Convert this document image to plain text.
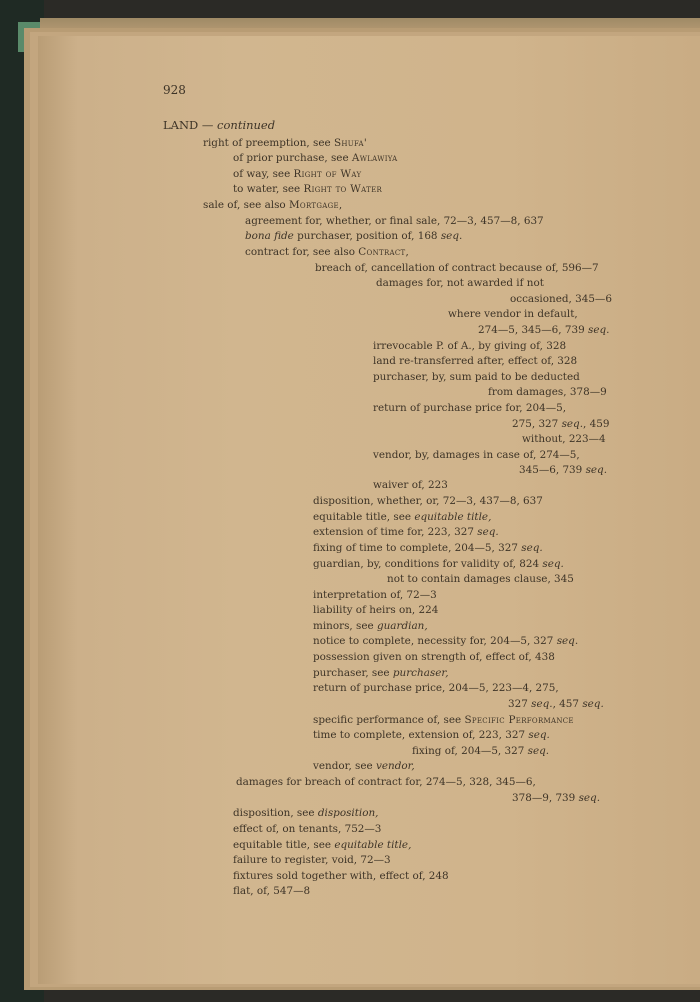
928
LAND — continued
right of preemption, see Shufa'
of prior purchase, see Awlawiya
of way, see Right of Way
to water, see Right to Water
sale of, see also Mortgage,
agreement for, whether, or final sale, 72—3, 457—8, 637
bona fide purchaser, position of, 168 seq.
contract for, see also Contract,
breach of, cancellation of contract because of, 596—7
damages for, not awarded if not
occasioned, 345—6
where vendor in default,
274—5, 345—6, 739 seq.
irrevocable P. of A., by giving of, 328
land re-transferred after, effect of, 328
purchaser, by, sum paid to be deducted
from damages, 378—9
return of purchase price for, 204—5,
275, 327 seq., 459
without, 223—4
vendor, by, damages in case of, 274—5,
345—6, 739 seq.
waiver of, 223
disposition, whether, or, 72—3, 437—8, 637
equitable title, see equitable title,
extension of time for, 223, 327 seq.
fixing of time to complete, 204—5, 327 seq.
guardian, by, conditions for validity of, 824 seq.
not to contain damages clause, 345
interpretation of, 72—3
liability of heirs on, 224
minors, see guardian,
notice to complete, necessity for, 204—5, 327 seq.
possession given on strength of, effect of, 438
purchaser, see purchaser,
return of purchase price, 204—5, 223—4, 275,
327 seq., 457 seq.
specific performance of, see Specific Performance
time to complete, extension of, 223, 327 seq.
fixing of, 204—5, 327 seq.
vendor, see vendor,
damages for breach of contract for, 274—5, 328, 345—6,
378—9, 739 seq.
disposition, see disposition,
effect of, on tenants, 752—3
equitable title, see equitable title,
failure to register, void, 72—3
fixtures sold together with, effect of, 248
flat, of, 547—8
